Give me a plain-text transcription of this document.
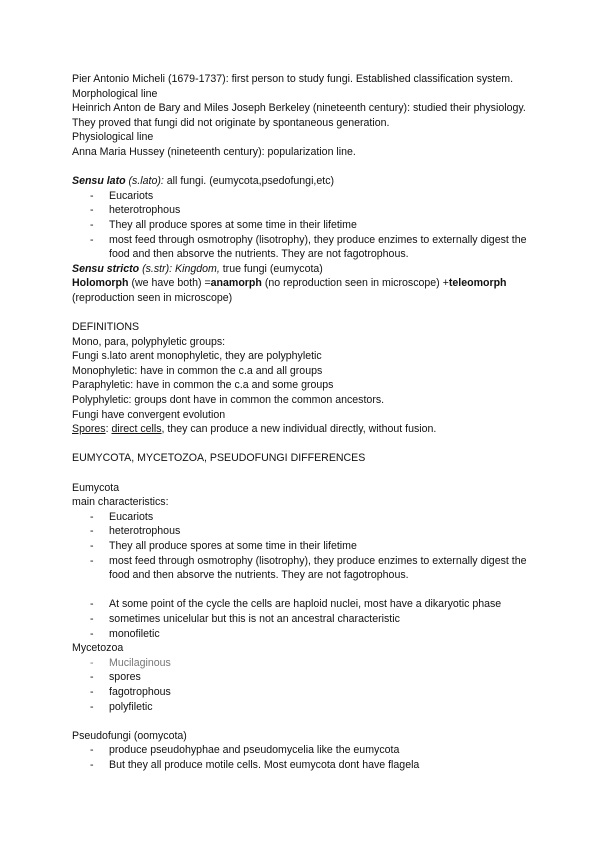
Pier Antonio Micheli (1679-1737): first person to study fungi. Established classification system. Morphological line

Heinrich Anton de Bary and Miles Joseph Berkeley (nineteenth century): studied their physiology. They proved that fungi did not originate by spontaneous generation.

Physiological line

Anna Maria Hussey (nineteenth century): popularization line.

Sensu lato (s.lato): all fungi. (eumycota,psedofungi,etc)

- Eucariots
- heterotrophous
- They all produce spores at some time in their lifetime
- most feed through osmotrophy (lisotrophy), they produce enzimes to externally digest the food and then absorve the nutrients. They are not fagotrophous.

Sensu stricto (s.str): Kingdom, true fungi (eumycota)

Holomorph (we have both) =anamorph (no reproduction seen in microscope) +teleomorph (reproduction seen in microscope)

DEFINITIONS

Mono, para, polyphyletic groups:

Fungi s.lato arent monophyletic, they are polyphyletic

Monophyletic: have in common the c.a and all groups

Paraphyletic: have in common the c.a and some groups

Polyphyletic: groups dont have in common the common ancestors.

Fungi have convergent evolution

Spores: direct cells, they can produce a new individual directly, without fusion.

EUMYCOTA, MYCETOZOA, PSEUDOFUNGI DIFFERENCES

Eumycota

main characteristics:

- Eucariots
- heterotrophous
- They all produce spores at some time in their lifetime
- most feed through osmotrophy (lisotrophy), they produce enzimes to externally digest the food and then absorve the nutrients. They are not fagotrophous.
- At some point of the cycle the cells are haploid nuclei, most have a dikaryotic phase
- sometimes unicelular but this is not an ancestral characteristic
- monofiletic

Mycetozoa

- Mucilaginous
- spores
- fagotrophous
- polyfiletic

Pseudofungi (oomycota)

- produce pseudohyphae and pseudomycelia like the eumycota
- But they all produce motile cells. Most eumycota dont have flagela
